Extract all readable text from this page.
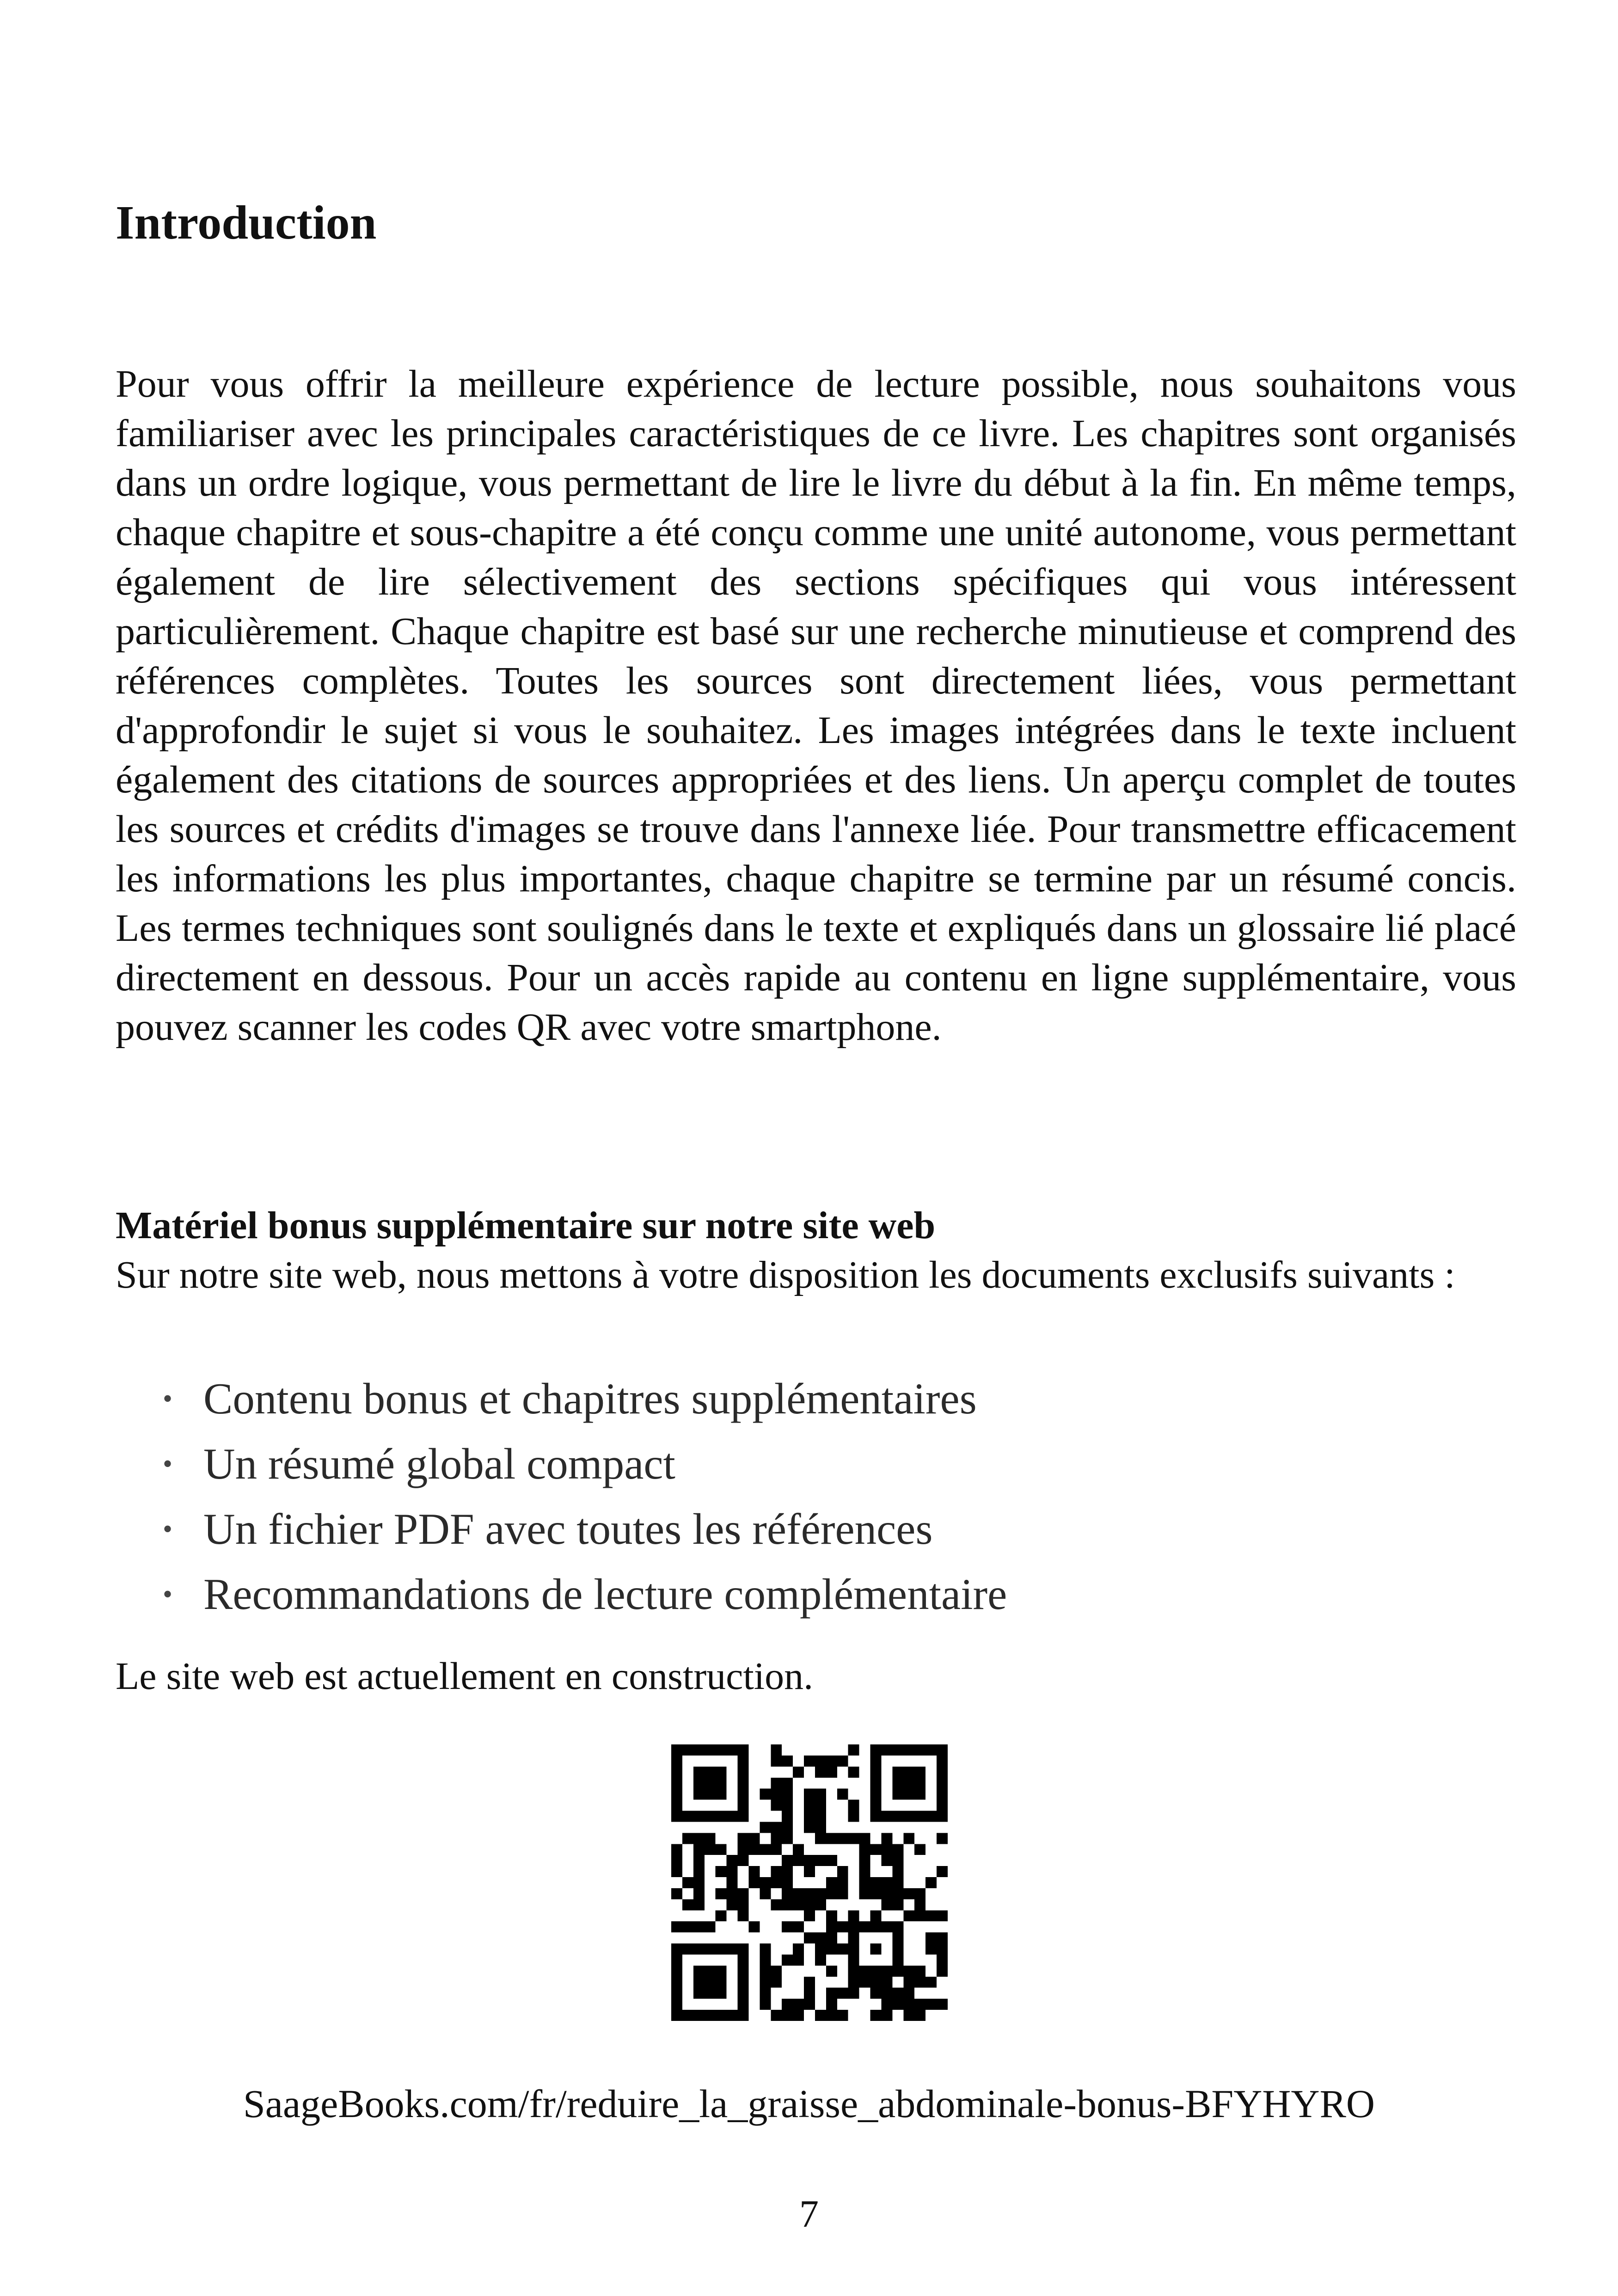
Introduction

Pour vous offrir la meilleure expérience de lecture possible, nous souhaitons vous familiariser avec les principales caractéristiques de ce livre. Les chapitres sont organisés dans un ordre logique, vous permettant de lire le livre du début à la fin. En même temps, chaque chapitre et sous-chapitre a été conçu comme une unité autonome, vous permettant également de lire sélectivement des sections spécifiques qui vous intéressent particulièrement. Chaque chapitre est basé sur une recherche minutieuse et comprend des références complètes. Toutes les sources sont directement liées, vous permettant d'approfondir le sujet si vous le souhaitez. Les images intégrées dans le texte incluent également des citations de sources appropriées et des liens. Un aperçu complet de toutes les sources et crédits d'images se trouve dans l'annexe liée. Pour transmettre efficacement les informations les plus importantes, chaque chapitre se termine par un résumé concis. Les termes techniques sont soulignés dans le texte et expliqués dans un glossaire lié placé directement en dessous. Pour un accès rapide au contenu en ligne supplémentaire, vous pouvez scanner les codes QR avec votre smartphone.

Matériel bonus supplémentaire sur notre site web

Sur notre site web, nous mettons à votre disposition les documents exclusifs suivants :

• Contenu bonus et chapitres supplémentaires
• Un résumé global compact
• Un fichier PDF avec toutes les références
• Recommandations de lecture complémentaire

Le site web est actuellement en construction.

SaageBooks.com/fr/reduire_la_graisse_abdominale-bonus-BFYHYRO

7
